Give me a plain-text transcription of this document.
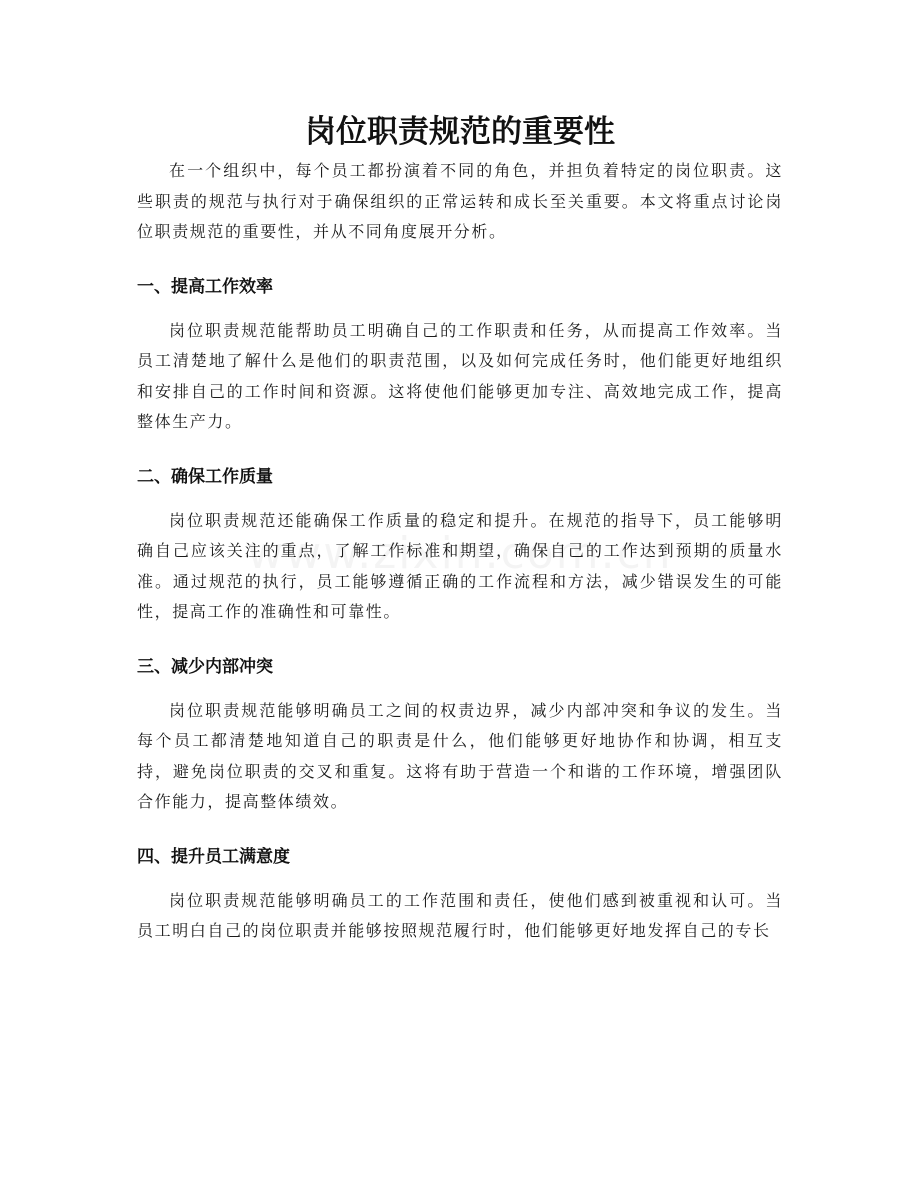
岗位职责规范的重要性

在一个组织中，每个员工都扮演着不同的角色，并担负着特定的岗位职责。这些职责的规范与执行对于确保组织的正常运转和成长至关重要。本文将重点讨论岗位职责规范的重要性，并从不同角度展开分析。

一、提高工作效率

岗位职责规范能帮助员工明确自己的工作职责和任务，从而提高工作效率。当员工清楚地了解什么是他们的职责范围，以及如何完成任务时，他们能更好地组织和安排自己的工作时间和资源。这将使他们能够更加专注、高效地完成工作，提高整体生产力。

二、确保工作质量

岗位职责规范还能确保工作质量的稳定和提升。在规范的指导下，员工能够明确自己应该关注的重点，了解工作标准和期望，确保自己的工作达到预期的质量水准。通过规范的执行，员工能够遵循正确的工作流程和方法，减少错误发生的可能性，提高工作的准确性和可靠性。

三、减少内部冲突

岗位职责规范能够明确员工之间的权责边界，减少内部冲突和争议的发生。当每个员工都清楚地知道自己的职责是什么，他们能够更好地协作和协调，相互支持，避免岗位职责的交叉和重复。这将有助于营造一个和谐的工作环境，增强团队合作能力，提高整体绩效。

四、提升员工满意度

岗位职责规范能够明确员工的工作范围和责任，使他们感到被重视和认可。当员工明白自己的岗位职责并能够按照规范履行时，他们能够更好地发挥自己的专长
